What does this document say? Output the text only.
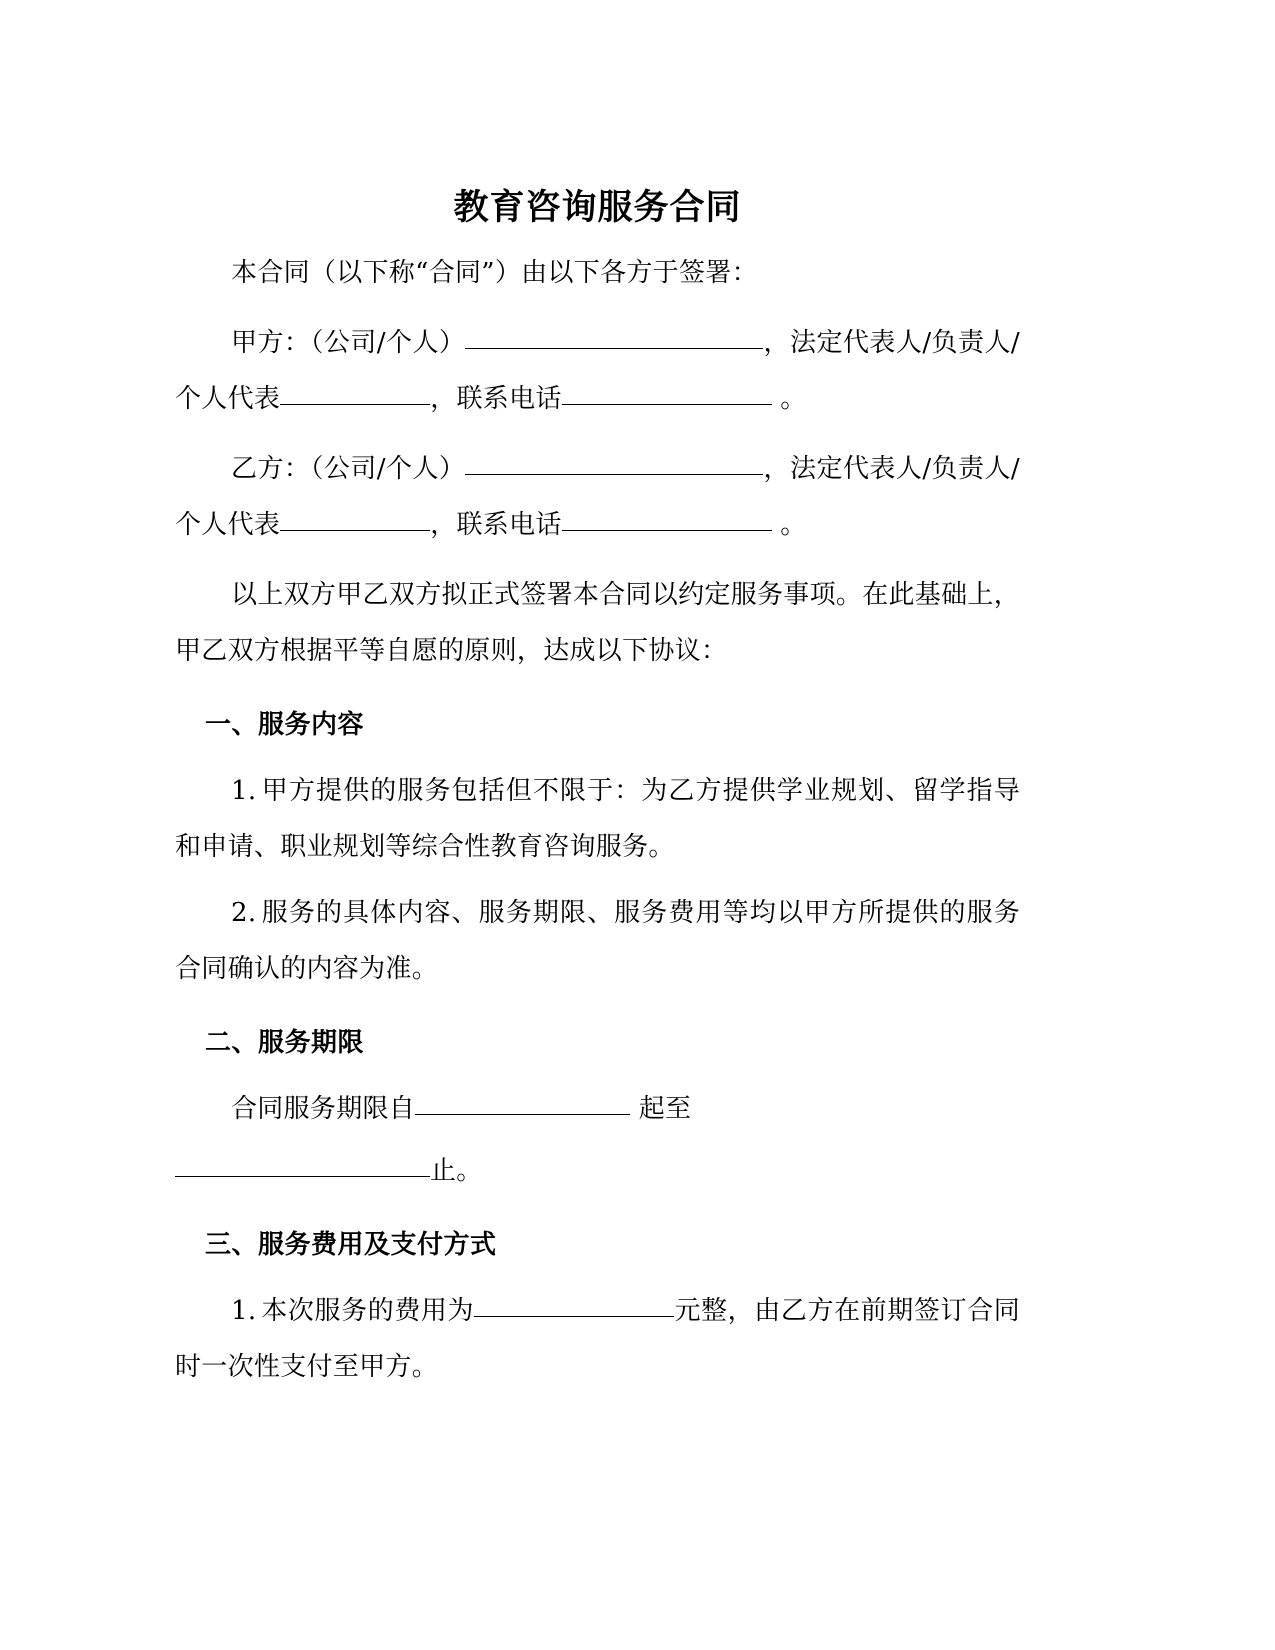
教育咨询服务合同

本合同（以下称“合同”）由以下各方于签署：

甲方：（公司/个人）	，法定代表人/负责人/个人代表	，联系电话	。

乙方：（公司/个人）	，法定代表人/负责人/个人代表	，联系电话	。

以上双方甲乙双方拟正式签署本合同以约定服务事项。在此基础上，甲乙双方根据平等自愿的原则，达成以下协议：

一、服务内容

1. 甲方提供的服务包括但不限于：为乙方提供学业规划、留学指导和申请、职业规划等综合性教育咨询服务。

2. 服务的具体内容、服务期限、服务费用等均以甲方所提供的服务合同确认的内容为准。

二、服务期限

合同服务期限自	起至

止。

三、服务费用及支付方式

1. 本次服务的费用为	元整，由乙方在前期签订合同时一次性支付至甲方。
